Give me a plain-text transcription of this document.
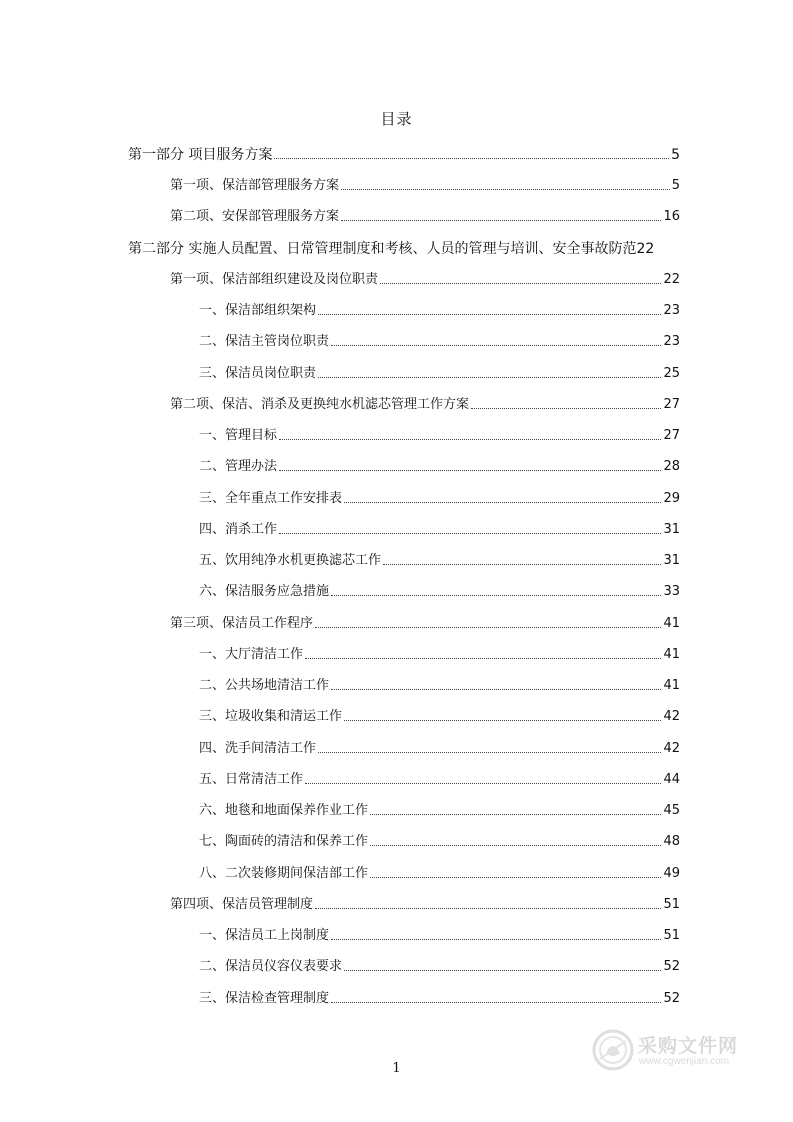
目录
第一部分 项目服务方案	5
第一项、保洁部管理服务方案	5
第二项、安保部管理服务方案	16
第二部分 实施人员配置、日常管理制度和考核、人员的管理与培训、安全事故防范 22
第一项、保洁部组织建设及岗位职责	22
一、保洁部组织架构	23
二、保洁主管岗位职责	23
三、保洁员岗位职责	25
第二项、保洁、消杀及更换纯水机滤芯管理工作方案	27
一、管理目标	27
二、管理办法	28
三、全年重点工作安排表	29
四、消杀工作	31
五、饮用纯净水机更换滤芯工作	31
六、保洁服务应急措施	33
第三项、保洁员工作程序	41
一、大厅清洁工作	41
二、公共场地清洁工作	41
三、垃圾收集和清运工作	42
四、洗手间清洁工作	42
五、日常清洁工作	44
六、地毯和地面保养作业工作	45
七、陶面砖的清洁和保养工作	48
八、二次装修期间保洁部工作	49
第四项、保洁员管理制度	51
一、保洁员工上岗制度	51
二、保洁员仪容仪表要求	52
三、保洁检查管理制度	52
采购文件网
www.cgwenjian.com
1
